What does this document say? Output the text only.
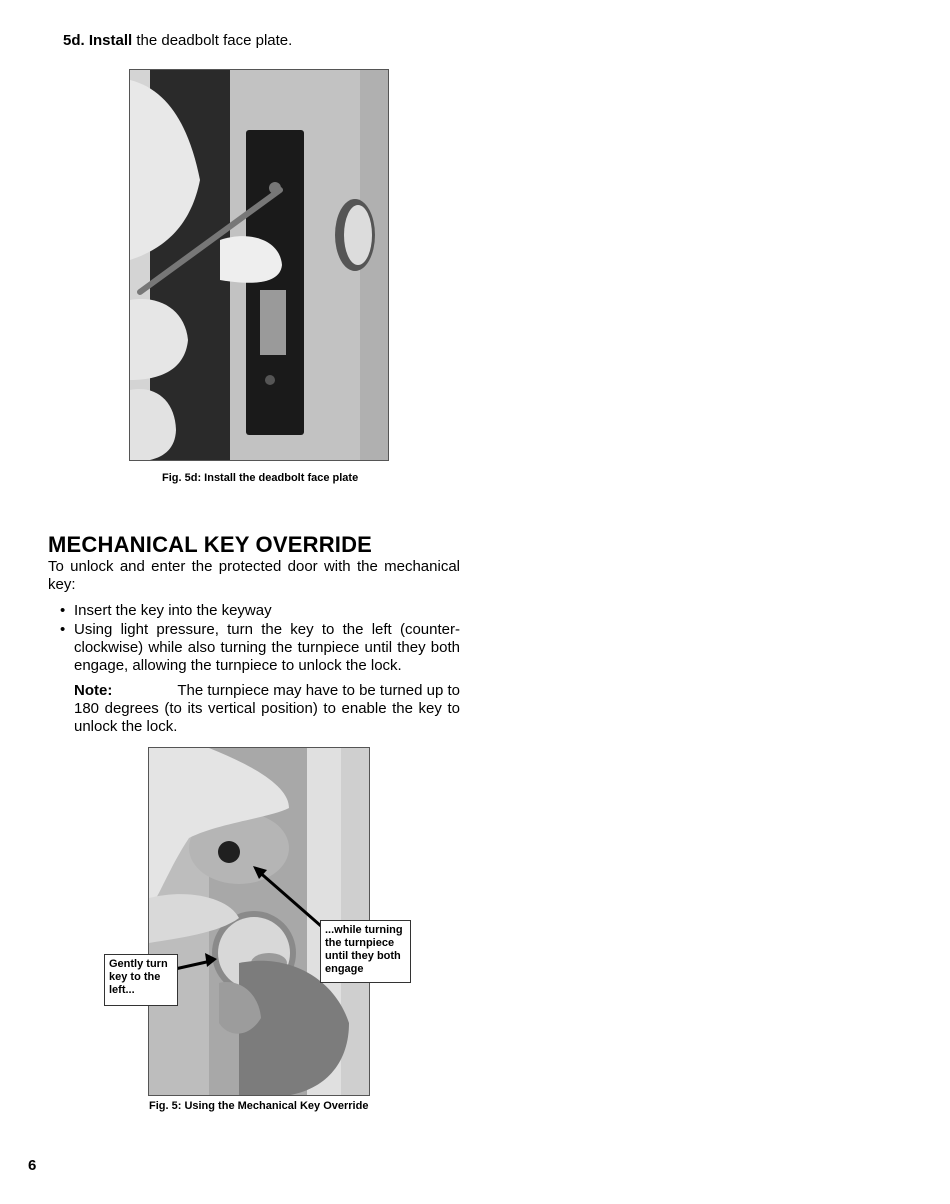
5d. Install the deadbolt face plate.
Fig. 5d: Install the deadbolt face plate
MECHANICAL KEY OVERRIDE
To unlock and enter the protected door with the mechanical key:
• Insert the key into the keyway
• Using light pressure, turn the key to the left (counter-clockwise) while also turning the turnpiece until they both engage, allowing the turnpiece to unlock the lock.
Note:	The turnpiece may have to be turned up to
180 degrees (to its vertical position) to enable the key to unlock the lock.
Gently turn
key to the
left...
...while turning
the turnpiece
until they both
engage
Fig. 5: Using the Mechanical Key Override
6
